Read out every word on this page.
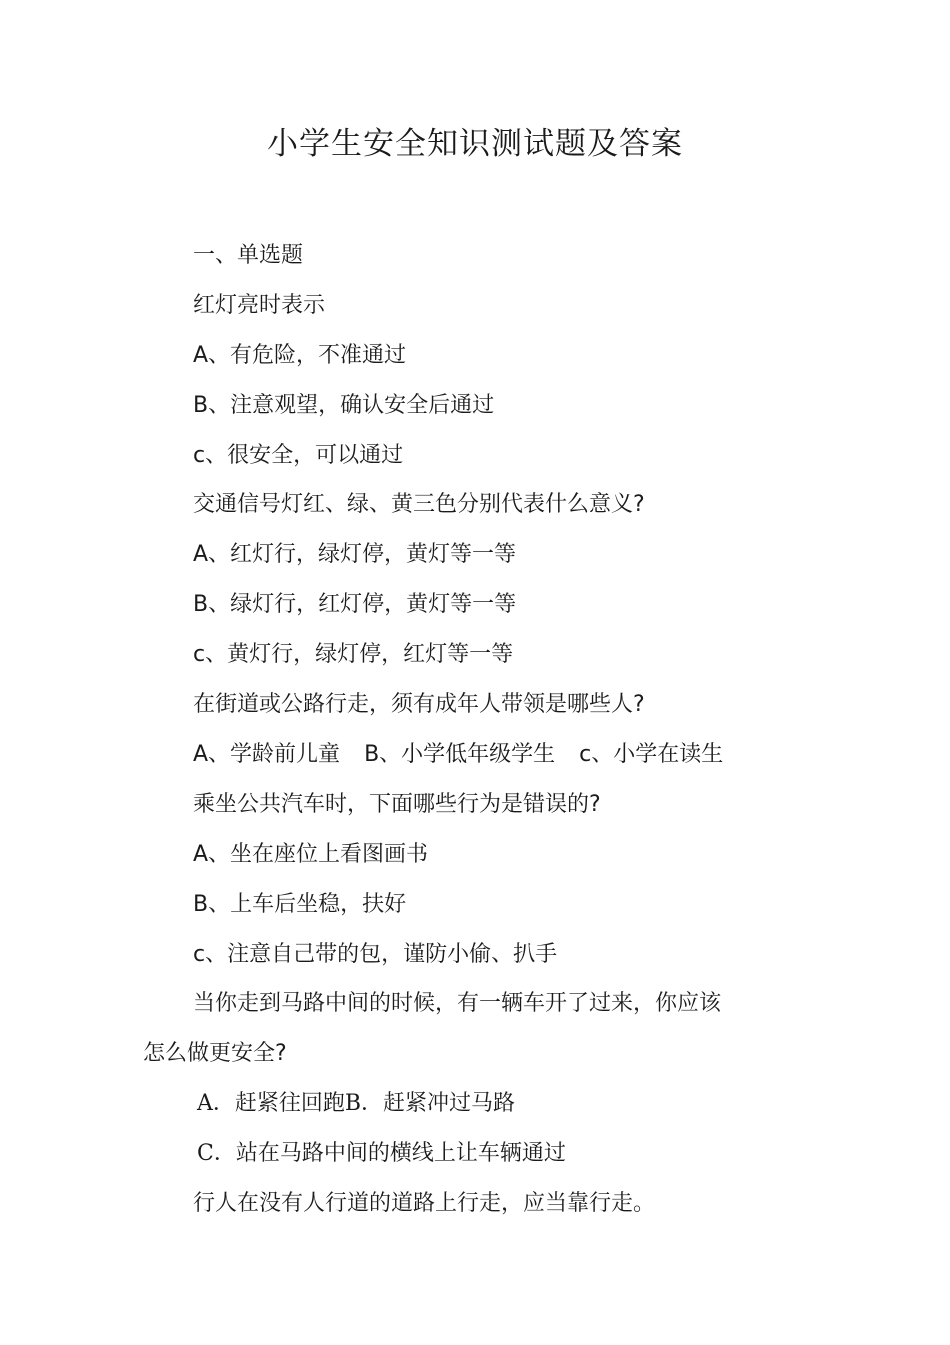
小学生安全知识测试题及答案
一、单选题
红灯亮时表示
A、有危险，不准通过
B、注意观望，确认安全后通过
c、很安全，可以通过
交通信号灯红、绿、黄三色分别代表什么意义?
A、红灯行，绿灯停，黄灯等一等
B、绿灯行，红灯停，黄灯等一等
c、黄灯行，绿灯停，红灯等一等
在街道或公路行走，须有成年人带领是哪些人?
A、学龄前儿童 B、小学低年级学生 c、小学在读生
乘坐公共汽车时，下面哪些行为是错误的?
A、坐在座位上看图画书
B、上车后坐稳，扶好
c、注意自己带的包，谨防小偷、扒手
当你走到马路中间的时候，有一辆车开了过来，你应该
怎么做更安全?
A．赶紧往回跑B．赶紧冲过马路
C．站在马路中间的横线上让车辆通过
行人在没有人行道的道路上行走，应当靠行走。
